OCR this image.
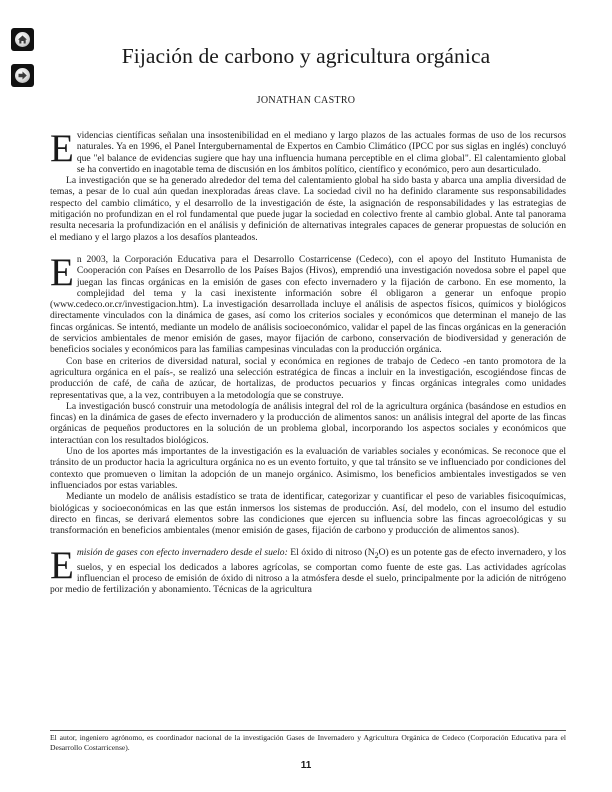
Fijación de carbono y agricultura orgánica
JONATHAN CASTRO

Evidencias científicas señalan una insostenibilidad en el mediano y largo plazos de las actuales formas de uso de los recursos naturales. Ya en 1996, el Panel Intergubernamental de Expertos en Cambio Climático (IPCC por sus siglas en inglés) concluyó que "el balance de evidencias sugiere que hay una influencia humana perceptible en el clima global". El calentamiento global se ha convertido en inagotable tema de discusión en los ámbitos político, científico y económico, pero aun desarticulado.

La investigación que se ha generado alrededor del tema del calentamiento global ha sido basta y abarca una amplia diversidad de temas, a pesar de lo cual aún quedan inexploradas áreas clave. La sociedad civil no ha definido claramente sus responsabilidades respecto del cambio climático, y el desarrollo de la investigación de éste, la asignación de responsabilidades y las estrategias de mitigación no profundizan en el rol fundamental que puede jugar la sociedad en colectivo frente al cambio global. Ante tal panorama resulta necesaria la profundización en el análisis y definición de alternativas integrales capaces de generar propuestas de solución en el mediano y el largo plazos a los desafíos planteados.

En 2003, la Corporación Educativa para el Desarrollo Costarricense (Cedeco), con el apoyo del Instituto Humanista de Cooperación con Países en Desarrollo de los Países Bajos (Hivos), emprendió una investigación novedosa sobre el papel que juegan las fincas orgánicas en la emisión de gases con efecto invernadero y la fijación de carbono. En ese momento, la complejidad del tema y la casi inexistente información sobre él obligaron a generar un enfoque propio (www.cedeco.or.cr/investigacion.htm). La investigación desarrollada incluye el análisis de aspectos físicos, químicos y biológicos directamente vinculados con la dinámica de gases, así como los criterios sociales y económicos que determinan el manejo de las fincas orgánicas. Se intentó, mediante un modelo de análisis socioeconómico, validar el papel de las fincas orgánicas en la generación de servicios ambientales de menor emisión de gases, mayor fijación de carbono, conservación de biodiversidad y generación de beneficios sociales y económicos para las familias campesinas vinculadas con la producción orgánica.

Con base en criterios de diversidad natural, social y económica en regiones de trabajo de Cedeco -en tanto promotora de la agricultura orgánica en el país-, se realizó una selección estratégica de fincas a incluir en la investigación, escogiéndose fincas de producción de café, de caña de azúcar, de hortalizas, de productos pecuarios y fincas orgánicas integrales como unidades representativas que, a la vez, contribuyen a la metodología que se construye.

La investigación buscó construir una metodología de análisis integral del rol de la agricultura orgánica (basándose en estudios en fincas) en la dinámica de gases de efecto invernadero y la producción de alimentos sanos: un análisis integral del aporte de las fincas orgánicas de pequeños productores en la solución de un problema global, incorporando los aspectos sociales y económicos que interactúan con los resultados biológicos.

Uno de los aportes más importantes de la investigación es la evaluación de variables sociales y económicas. Se reconoce que el tránsito de un productor hacia la agricultura orgánica no es un evento fortuito, y que tal tránsito se ve influenciado por condiciones del contexto que promueven o limitan la adopción de un manejo orgánico. Asimismo, los beneficios ambientales investigados se ven influenciados por estas variables.

Mediante un modelo de análisis estadístico se trata de identificar, categorizar y cuantificar el peso de variables fisicoquímicas, biológicas y socioeconómicas en las que están inmersos los sistemas de producción. Así, del modelo, con el insumo del estudio directo en fincas, se derivará elementos sobre las condiciones que ejercen su influencia sobre las fincas agroecológicas y su transformación en beneficios ambientales (menor emisión de gases, fijación de carbono y producción de alimentos sanos).

Emisión de gases con efecto invernadero desde el suelo: El óxido di nitroso $(N_2O)$ es un potente gas de efecto invernadero, y los suelos, y en especial los dedicados a labores agrícolas, se comportan como fuente de este gas. Las actividades agrícolas influencian el proceso de emisión de óxido di nitroso a la atmósfera desde el suelo, principalmente por la adición de nitrógeno por medio de fertilización y abonamiento. Técnicas de la agricultura

El autor, ingeniero agrónomo, es coordinador nacional de la investigación Gases de Invernadero y Agricultura Orgánica de Cedeco (Corporación Educativa para el Desarrollo Costarricense).
11
